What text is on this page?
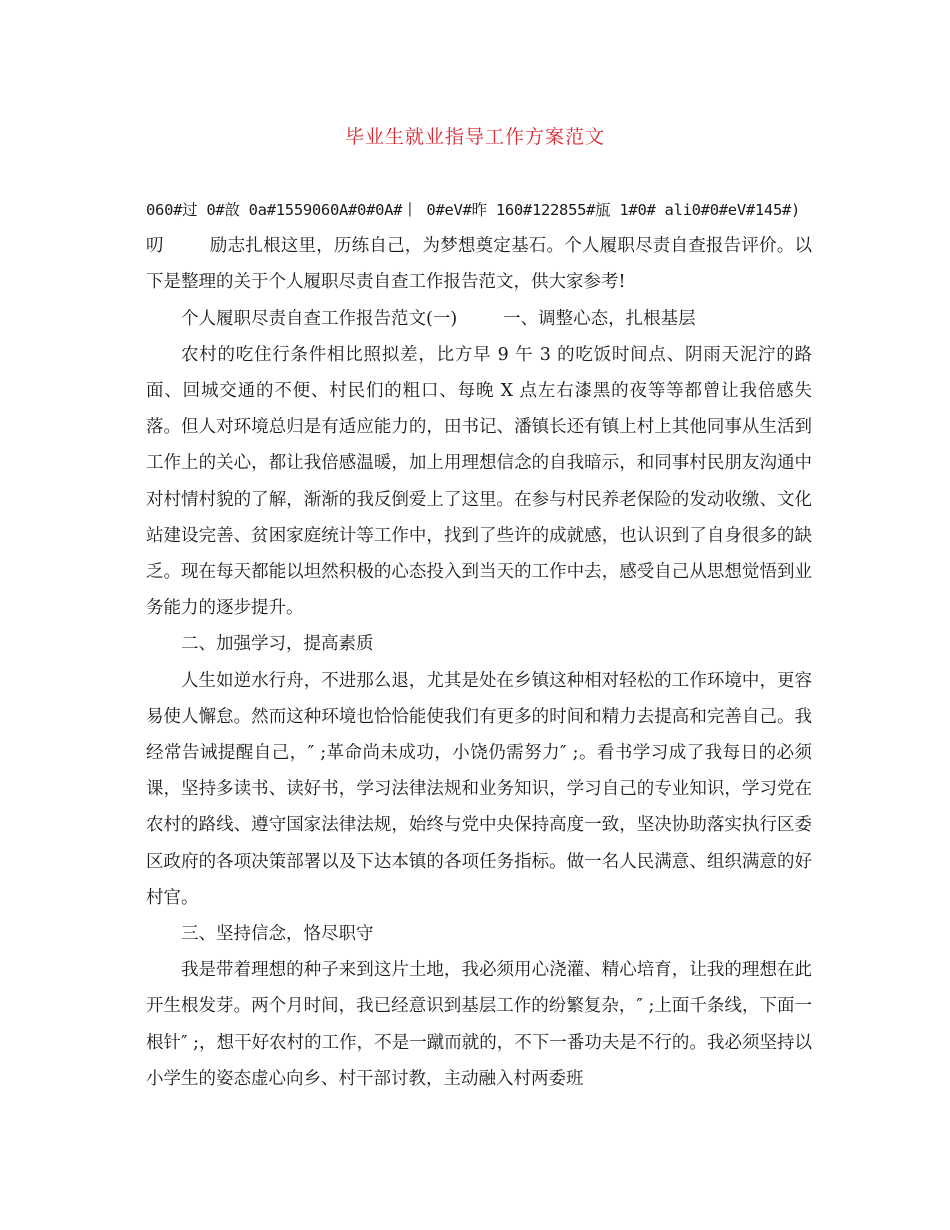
毕业生就业指导工作方案范文

060#过 0#敨 0a#1559060A#0#0A#丨 0#eV#昨 160#122855#瓬 1#0# ali0#0#eV#145#)

叨	励志扎根这里，历练自己，为梦想奠定基石。个人履职尽责自查报告评价。以下是整理的关于个人履职尽责自查工作报告范文，供大家参考!

个人履职尽责自查工作报告范文(一)	一、调整心态，扎根基层

农村的吃住行条件相比照拟差，比方早 9 午 3 的吃饭时间点、阴雨天泥泞的路面、回城交通的不便、村民们的粗口、每晚 X 点左右漆黑的夜等等都曾让我倍感失落。但人对环境总归是有适应能力的，田书记、潘镇长还有镇上村上其他同事从生活到工作上的关心，都让我倍感温暖，加上用理想信念的自我暗示，和同事村民朋友沟通中对村情村貌的了解，渐渐的我反倒爱上了这里。在参与村民养老保险的发动收缴、文化站建设完善、贫困家庭统计等工作中，找到了些许的成就感，也认识到了自身很多的缺乏。现在每天都能以坦然积极的心态投入到当天的工作中去，感受自己从思想觉悟到业务能力的逐步提升。

二、加强学习，提高素质

人生如逆水行舟，不进那么退，尤其是处在乡镇这种相对轻松的工作环境中，更容易使人懈怠。然而这种环境也恰恰能使我们有更多的时间和精力去提高和完善自己。我经常告诫提醒自己，″ ;革命尚未成功，小饶仍需努力″ ;。看书学习成了我每日的必须课，坚持多读书、读好书，学习法律法规和业务知识，学习自己的专业知识，学习党在农村的路线、遵守国家法律法规，始终与党中央保持高度一致，坚决协助落实执行区委区政府的各项决策部署以及下达本镇的各项任务指标。做一名人民满意、组织满意的好村官。

三、坚持信念，恪尽职守

我是带着理想的种子来到这片土地，我必须用心浇灌、精心培育，让我的理想在此开生根发芽。两个月时间，我已经意识到基层工作的纷繁复杂，″ ;上面千条线，下面一根针″ ;，想干好农村的工作，不是一蹴而就的，不下一番功夫是不行的。我必须坚持以小学生的姿态虚心向乡、村干部讨教，主动融入村两委班
